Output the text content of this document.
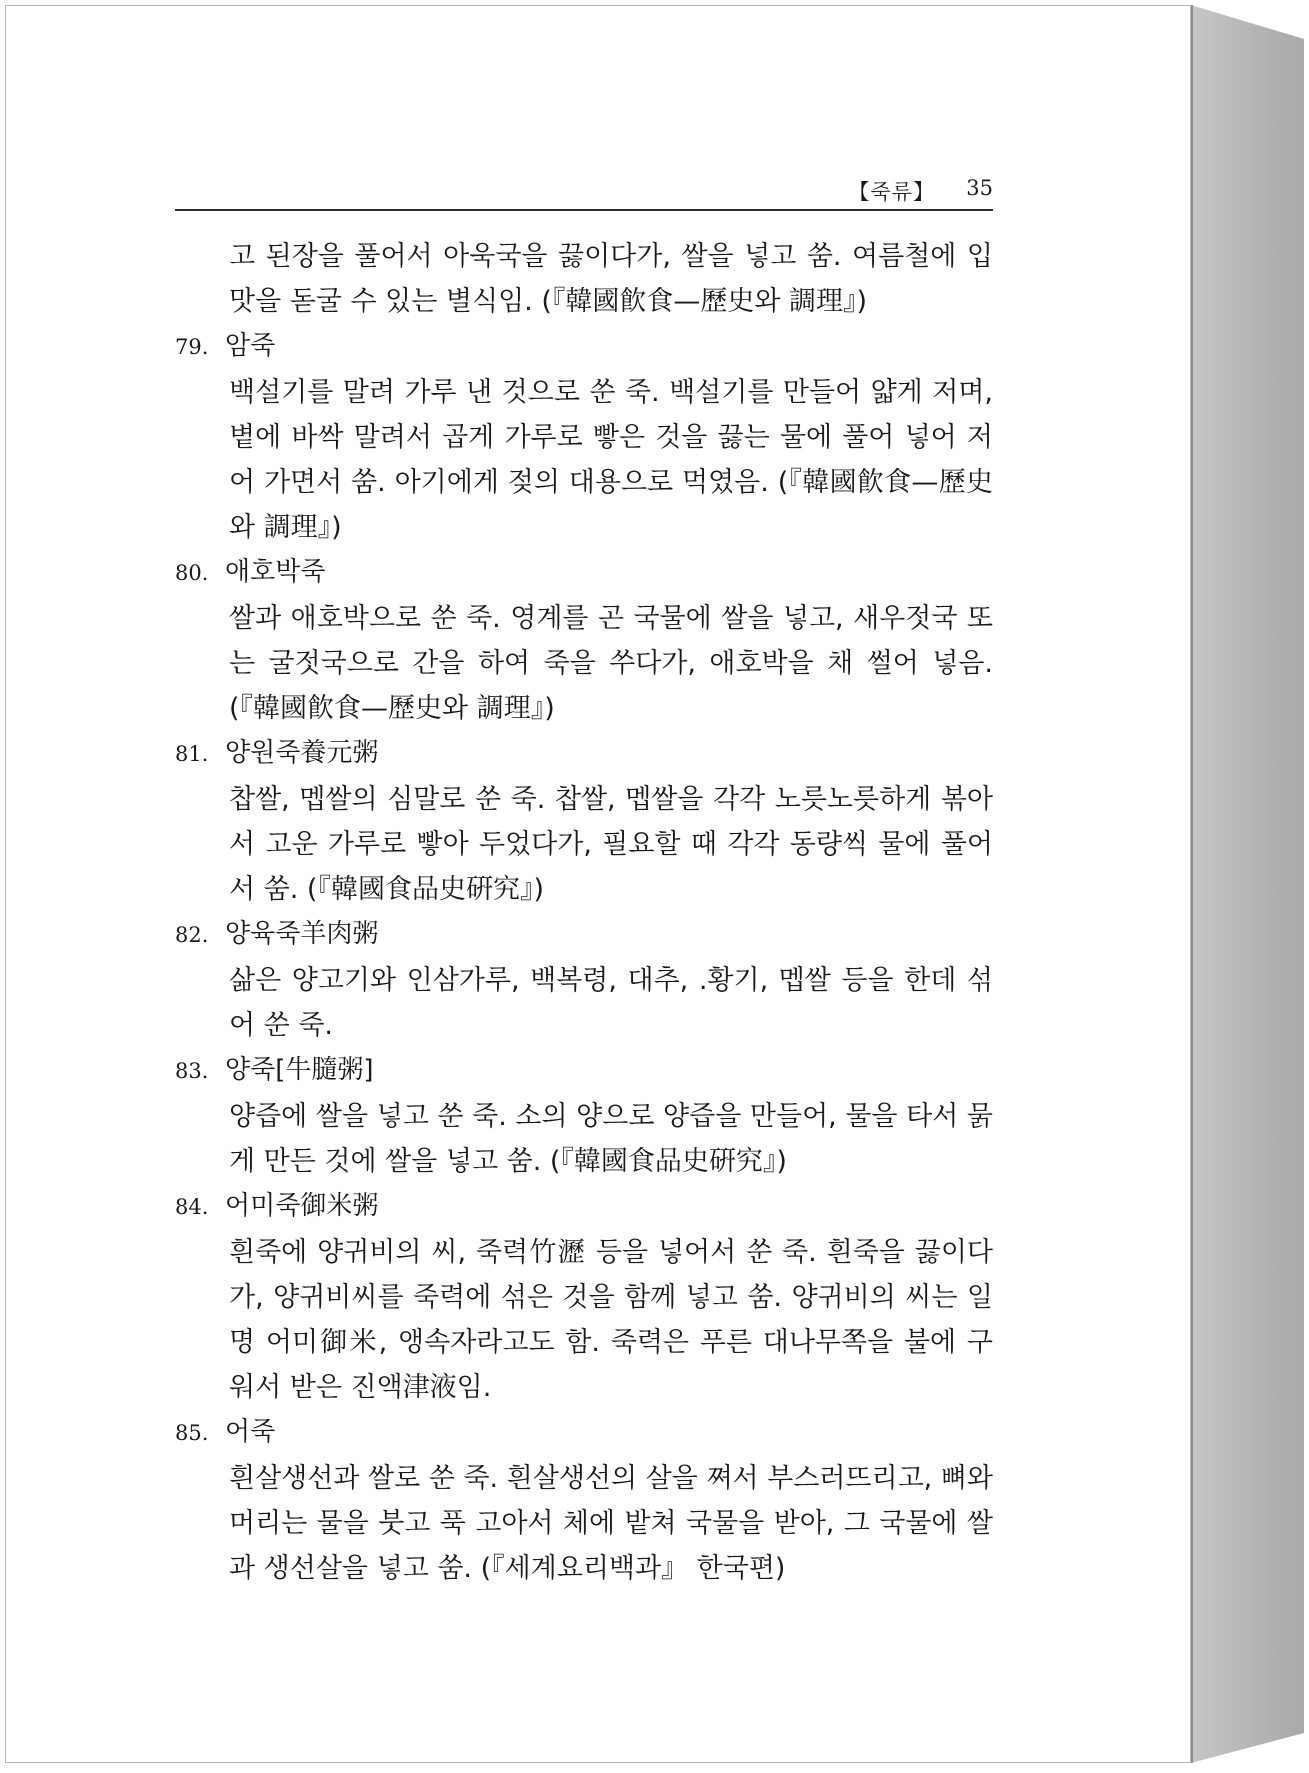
【죽류】 35

고 된장을 풀어서 아욱국을 끓이다가, 쌀을 넣고 쑴. 여름철에 입맛을 돋굴 수 있는 별식임. (『韓國飮食—歷史와 調理』)

79. 암죽

백설기를 말려 가루 낸 것으로 쑨 죽. 백설기를 만들어 얇게 저며, 볕에 바싹 말려서 곱게 가루로 빻은 것을 끓는 물에 풀어 넣어 저어 가면서 쑴. 아기에게 젖의 대용으로 먹였음. (『韓國飮食—歷史와 調理』)

80. 애호박죽

쌀과 애호박으로 쑨 죽. 영계를 곤 국물에 쌀을 넣고, 새우젓국 또는 굴젓국으로 간을 하여 죽을 쑤다가, 애호박을 채 썰어 넣음. (『韓國飮食—歷史와 調理』)

81. 양원죽養元粥

찹쌀, 멥쌀의 심말로 쑨 죽. 찹쌀, 멥쌀을 각각 노릇노릇하게 볶아서 고운 가루로 빻아 두었다가, 필요할 때 각각 동량씩 물에 풀어서 쑴. (『韓國食品史硏究』)

82. 양육죽羊肉粥

삶은 양고기와 인삼가루, 백복령, 대추, .황기, 멥쌀 등을 한데 섞어 쑨 죽.

83. 양죽[牛膸粥]

양즙에 쌀을 넣고 쑨 죽. 소의 양으로 양즙을 만들어, 물을 타서 묽게 만든 것에 쌀을 넣고 쑴. (『韓國食品史硏究』)

84. 어미죽御米粥

흰죽에 양귀비의 씨, 죽력竹瀝 등을 넣어서 쑨 죽. 흰죽을 끓이다가, 양귀비씨를 죽력에 섞은 것을 함께 넣고 쑴. 양귀비의 씨는 일명 어미御米, 앵속자라고도 함. 죽력은 푸른 대나무쪽을 불에 구워서 받은 진액津液임.

85. 어죽

흰살생선과 쌀로 쑨 죽. 흰살생선의 살을 쪄서 부스러뜨리고, 뼈와 머리는 물을 붓고 푹 고아서 체에 밭쳐 국물을 받아, 그 국물에 쌀과 생선살을 넣고 쑴. (『세계요리백과』 한국편)
